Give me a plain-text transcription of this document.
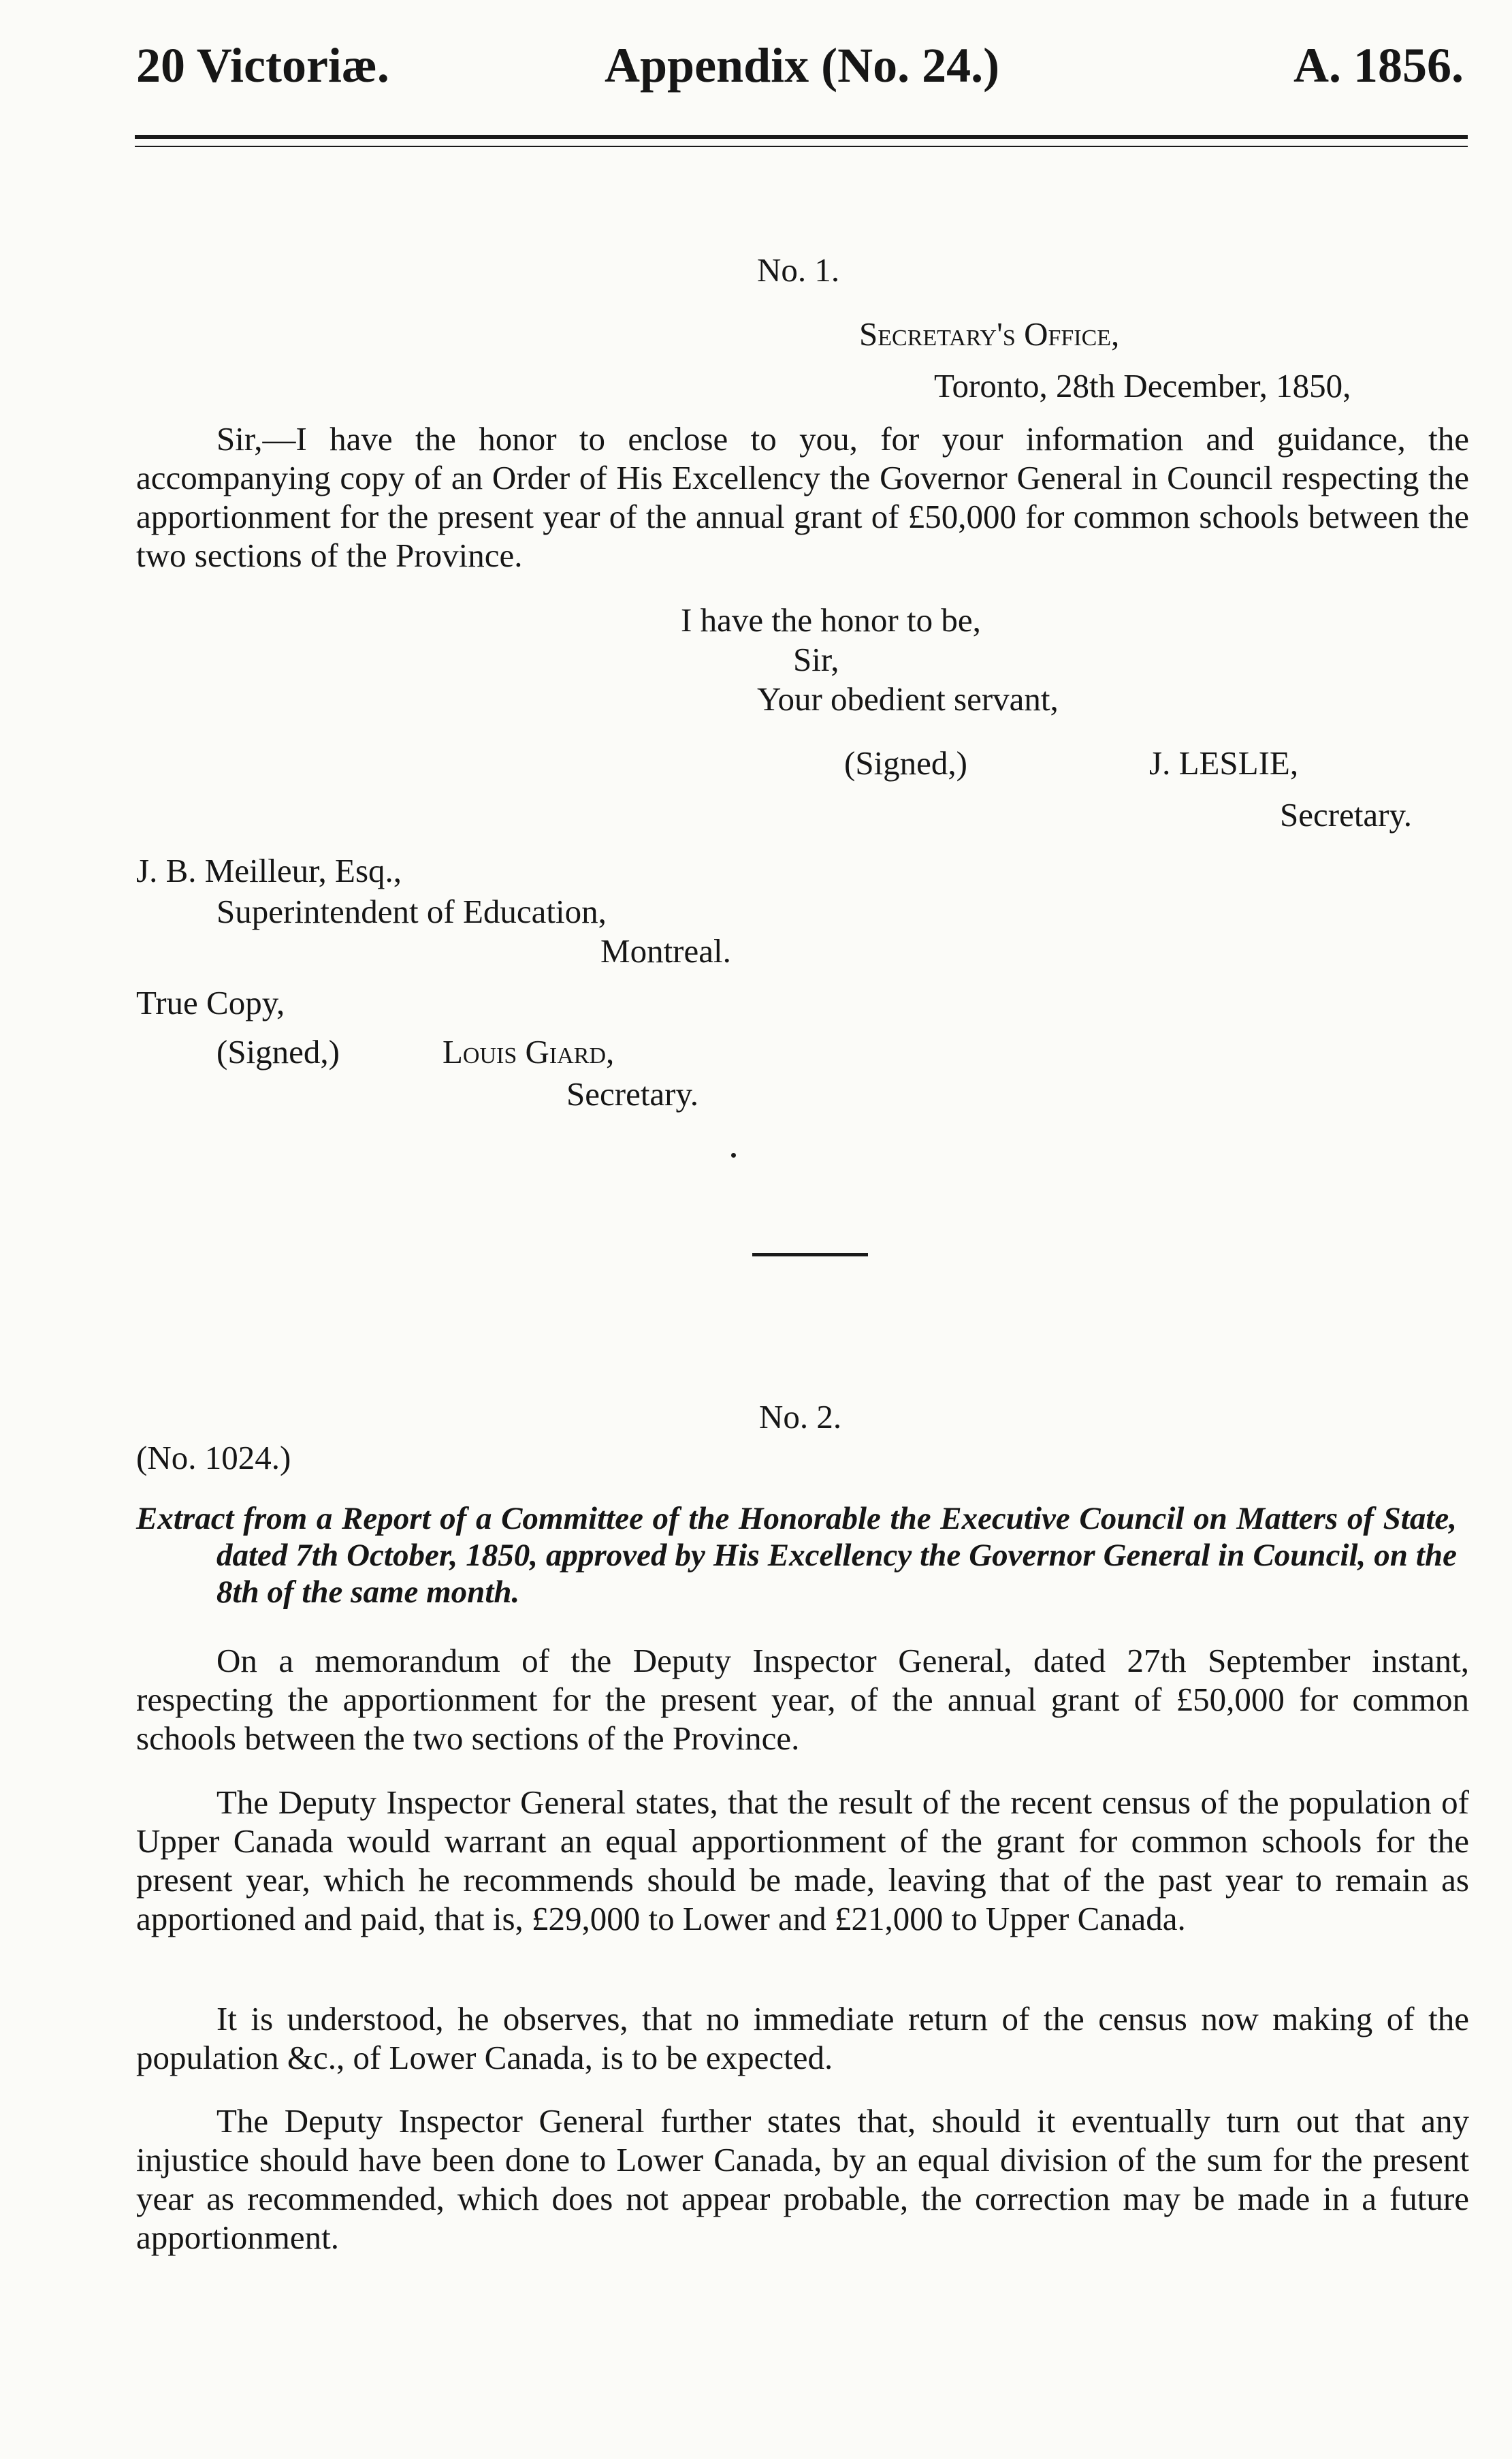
20 Victoriæ.	Appendix (No. 24.)	A. 1856.
No. 1.
Secretary's Office,
Toronto, 28th December, 1850,
Sir,—I have the honor to enclose to you, for your information and guidance, the accompanying copy of an Order of His Excellency the Governor General in Council respecting the apportionment for the present year of the annual grant of £50,000 for common schools between the two sections of the Province.
I have the honor to be,
Sir,
Your obedient servant,
(Signed,)	J. LESLIE,
Secretary.
J. B. Meilleur, Esq.,
Superintendent of Education,
Montreal.
True Copy,
(Signed,)	Louis Giard,
Secretary.
No. 2.
(No. 1024.)
Extract from a Report of a Committee of the Honorable the Executive Council on Matters of State, dated 7th October, 1850, approved by His Excellency the Governor General in Council, on the 8th of the same month.
On a memorandum of the Deputy Inspector General, dated 27th September instant, respecting the apportionment for the present year, of the annual grant of £50,000 for common schools between the two sections of the Province.
The Deputy Inspector General states, that the result of the recent census of the population of Upper Canada would warrant an equal apportionment of the grant for common schools for the present year, which he recommends should be made, leaving that of the past year to remain as apportioned and paid, that is, £29,000 to Lower and £21,000 to Upper Canada.
It is understood, he observes, that no immediate return of the census now making of the population &c., of Lower Canada, is to be expected.
The Deputy Inspector General further states that, should it eventually turn out that any injustice should have been done to Lower Canada, by an equal division of the sum for the present year as recommended, which does not appear probable, the correction may be made in a future apportionment.
